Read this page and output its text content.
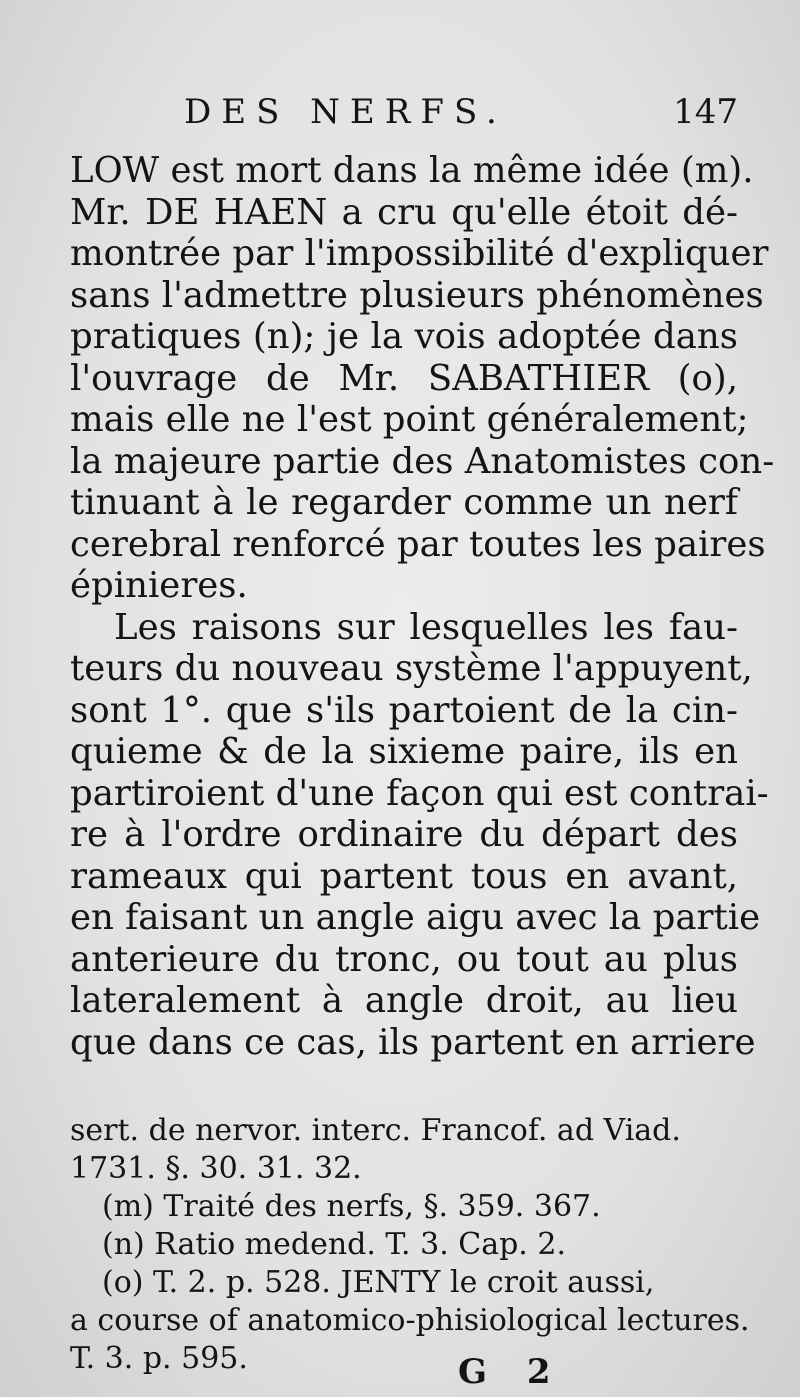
DES NERFS.	147
LOW est mort dans la même idée (m).
Mr. DE HAEN a cru qu'elle étoit dé-
montrée par l'impossibilité d'expliquer
sans l'admettre plusieurs phénomènes
pratiques (n); je la vois adoptée dans
l'ouvrage de Mr. SABATHIER (o),
mais elle ne l'est point généralement;
la majeure partie des Anatomistes con-
tinuant à le regarder comme un nerf
cerebral renforcé par toutes les paires
épinieres.
Les raisons sur lesquelles les fau-
teurs du nouveau système l'appuyent,
sont 1°. que s'ils partoient de la cin-
quieme & de la sixieme paire, ils en
partiroient d'une façon qui est contrai-
re à l'ordre ordinaire du départ des
rameaux qui partent tous en avant,
en faisant un angle aigu avec la partie
anterieure du tronc, ou tout au plus
lateralement à angle droit, au lieu
que dans ce cas, ils partent en arriere
sert. de nervor. interc. Francof. ad Viad.
1731. §. 30. 31. 32.
(m) Traité des nerfs, §. 359. 367.
(n) Ratio medend. T. 3. Cap. 2.
(o) T. 2. p. 528. JENTY le croit aussi,
a course of anatomico-phisiological lectures.
T. 3. p. 595.	G 2
